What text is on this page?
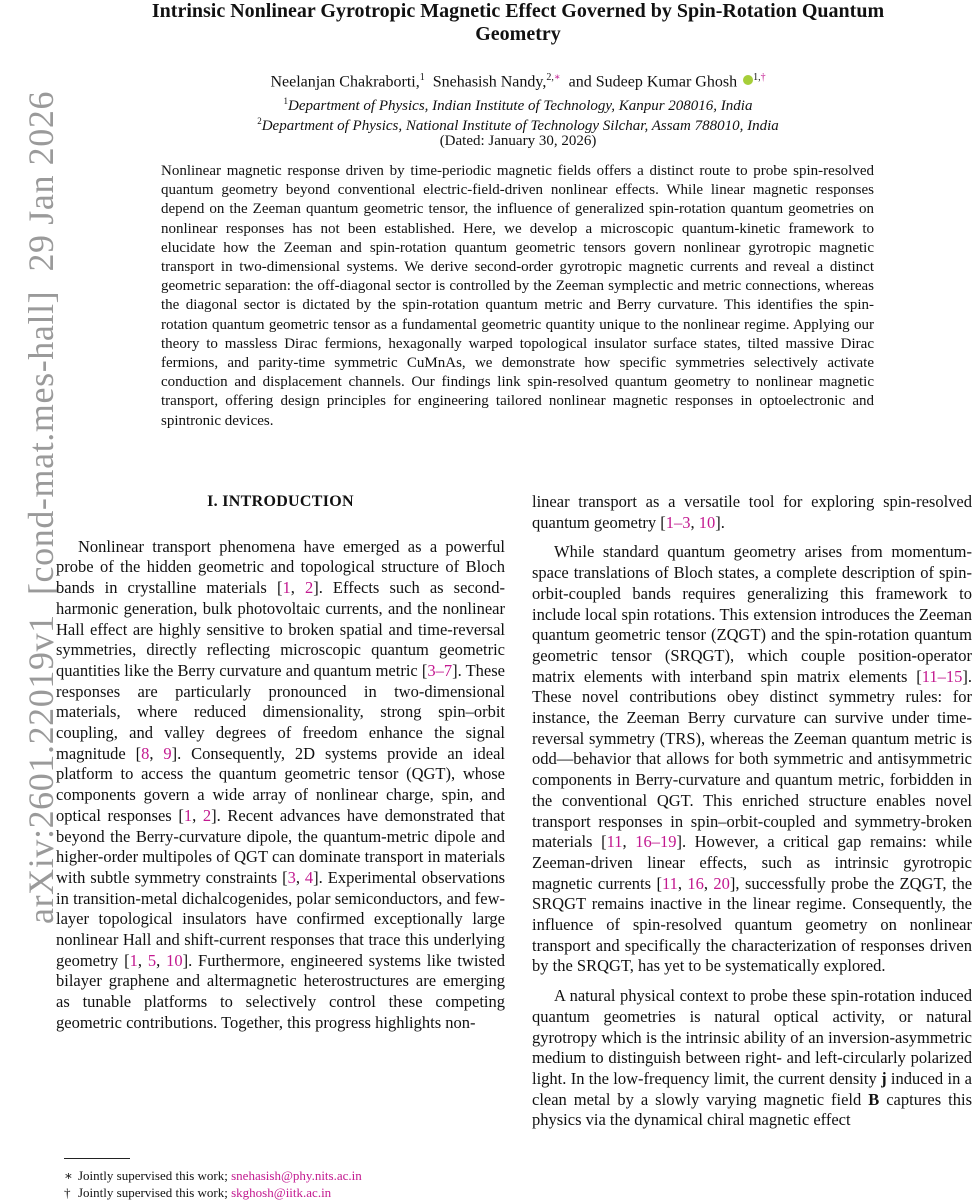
arXiv:2601.22019v1  [cond-mat.mes-hall]  29 Jan 2026
Intrinsic Nonlinear Gyrotropic Magnetic Effect Governed by Spin-Rotation Quantum
Geometry
Neelanjan Chakraborti,$^1$ Snehasish Nandy,$^{2,∗}$ and Sudeep Kumar Ghosh $^{1,\dagger}$
$^1$Department of Physics, Indian Institute of Technology, Kanpur 208016, India
$^2$Department of Physics, National Institute of Technology Silchar, Assam 788010, India
(Dated: January 30, 2026)
Nonlinear magnetic response driven by time-periodic magnetic fields offers a distinct route to probe spin-resolved quantum geometry beyond conventional electric-field-driven nonlinear effects. While linear magnetic responses depend on the Zeeman quantum geometric tensor, the influence of generalized spin-rotation quantum geometries on nonlinear responses has not been established. Here, we develop a microscopic quantum-kinetic framework to elucidate how the Zeeman and spin-rotation quantum geometric tensors govern nonlinear gyrotropic magnetic transport in two-dimensional systems. We derive second-order gyrotropic magnetic currents and reveal a distinct geometric separation: the off-diagonal sector is controlled by the Zeeman symplectic and metric connections, whereas the diagonal sector is dictated by the spin-rotation quantum metric and Berry curvature. This identifies the spin-rotation quantum geometric tensor as a fundamental geometric quantity unique to the nonlinear regime. Applying our theory to massless Dirac fermions, hexagonally warped topological insulator surface states, tilted massive Dirac fermions, and parity-time symmetric CuMnAs, we demonstrate how specific symmetries selectively activate conduction and displacement channels. Our findings link spin-resolved quantum geometry to nonlinear magnetic transport, offering design principles for engineering tailored nonlinear magnetic responses in optoelectronic and spintronic devices.
I. INTRODUCTION

Nonlinear transport phenomena have emerged as a powerful probe of the hidden geometric and topological structure of Bloch bands in crystalline materials [1, 2]. Effects such as second-harmonic generation, bulk photovoltaic currents, and the nonlinear Hall effect are highly sensitive to broken spatial and time-reversal symmetries, directly reflecting microscopic quantum geometric quantities like the Berry curvature and quantum metric [3–7]. These responses are particularly pronounced in two-dimensional materials, where reduced dimensionality, strong spin–orbit coupling, and valley degrees of freedom enhance the signal magnitude [8, 9]. Consequently, 2D systems provide an ideal platform to access the quantum geometric tensor (QGT), whose components govern a wide array of nonlinear charge, spin, and optical responses [1, 2]. Recent advances have demonstrated that beyond the Berry-curvature dipole, the quantum-metric dipole and higher-order multipoles of QGT can dominate transport in materials with subtle symmetry constraints [3, 4]. Experimental observations in transition-metal dichalcogenides, polar semiconductors, and few-layer topological insulators have confirmed exceptionally large nonlinear Hall and shift-current responses that trace this underlying geometry [1, 5, 10]. Furthermore, engineered systems like twisted bilayer graphene and altermagnetic heterostructures are emerging as tunable platforms to selectively control these competing geometric contributions. Together, this progress highlights non-

linear transport as a versatile tool for exploring spin-resolved quantum geometry [1–3, 10].

While standard quantum geometry arises from momentum-space translations of Bloch states, a complete description of spin-orbit-coupled bands requires generalizing this framework to include local spin rotations. This extension introduces the Zeeman quantum geometric tensor (ZQGT) and the spin-rotation quantum geometric tensor (SRQGT), which couple position-operator matrix elements with interband spin matrix elements [11–15]. These novel contributions obey distinct symmetry rules: for instance, the Zeeman Berry curvature can survive under time-reversal symmetry (TRS), whereas the Zeeman quantum metric is odd—behavior that allows for both symmetric and antisymmetric components in Berry-curvature and quantum metric, forbidden in the conventional QGT. This enriched structure enables novel transport responses in spin–orbit-coupled and symmetry-broken materials [11, 16–19]. However, a critical gap remains: while Zeeman-driven linear effects, such as intrinsic gyrotropic magnetic currents [11, 16, 20], successfully probe the ZQGT, the SRQGT remains inactive in the linear regime. Consequently, the influence of spin-resolved quantum geometry on nonlinear transport and specifically the characterization of responses driven by the SRQGT, has yet to be systematically explored.

A natural physical context to probe these spin-rotation induced quantum geometries is natural optical activity, or natural gyrotropy which is the intrinsic ability of an inversion-asymmetric medium to distinguish between right- and left-circularly polarized light. In the low-frequency limit, the current density j induced in a clean metal by a slowly varying magnetic field B captures this physics via the dynamical chiral magnetic effect

∗ Jointly supervised this work; snehasish@phy.nits.ac.in
† Jointly supervised this work; skghosh@iitk.ac.in
